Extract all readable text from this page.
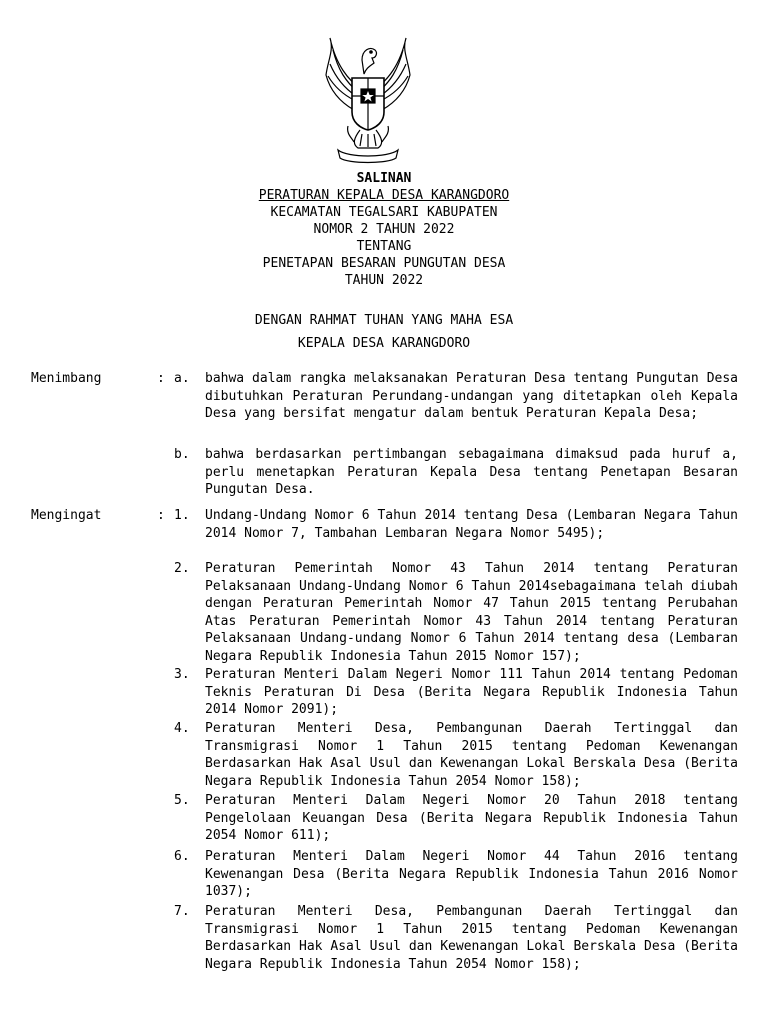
SALINAN
PERATURAN KEPALA DESA KARANGDORO
KECAMATAN TEGALSARI KABUPATEN
NOMOR 2 TAHUN 2022
TENTANG
PENETAPAN BESARAN PUNGUTAN DESA
TAHUN 2022
DENGAN RAHMAT TUHAN YANG MAHA ESA
KEPALA DESA KARANGDORO
Menimbang	: a. bahwa dalam rangka melaksanakan Peraturan Desa tentang Pungutan Desa dibutuhkan Peraturan Perundang-undangan yang ditetapkan oleh Kepala Desa yang bersifat mengatur dalam bentuk Peraturan Kepala Desa;
b. bahwa berdasarkan pertimbangan sebagaimana dimaksud pada huruf a, perlu menetapkan Peraturan Kepala Desa tentang Penetapan Besaran Pungutan Desa.
Mengingat	: 1. Undang-Undang Nomor 6 Tahun 2014 tentang Desa (Lembaran Negara Tahun 2014 Nomor 7, Tambahan Lembaran Negara Nomor 5495);
2. Peraturan Pemerintah Nomor 43 Tahun 2014 tentang Peraturan Pelaksanaan Undang-Undang Nomor 6 Tahun 2014sebagaimana telah diubah dengan Peraturan Pemerintah Nomor 47 Tahun 2015 tentang Perubahan Atas Peraturan Pemerintah Nomor 43 Tahun 2014 tentang Peraturan Pelaksanaan Undang-undang Nomor 6 Tahun 2014 tentang desa (Lembaran Negara Republik Indonesia Tahun 2015 Nomor 157);
3. Peraturan Menteri Dalam Negeri Nomor 111 Tahun 2014 tentang Pedoman Teknis Peraturan Di Desa (Berita Negara Republik Indonesia Tahun 2014 Nomor 2091);
4. Peraturan Menteri Desa, Pembangunan Daerah Tertinggal dan Transmigrasi Nomor 1 Tahun 2015 tentang Pedoman Kewenangan Berdasarkan Hak Asal Usul dan Kewenangan Lokal Berskala Desa (Berita Negara Republik Indonesia Tahun 2054 Nomor 158);
5. Peraturan Menteri Dalam Negeri Nomor 20 Tahun 2018 tentang Pengelolaan Keuangan Desa (Berita Negara Republik Indonesia Tahun 2054 Nomor 611);
6. Peraturan Menteri Dalam Negeri Nomor 44 Tahun 2016 tentang Kewenangan Desa (Berita Negara Republik Indonesia Tahun 2016 Nomor 1037);
7. Peraturan Menteri Desa, Pembangunan Daerah Tertinggal dan Transmigrasi Nomor 1 Tahun 2015 tentang Pedoman Kewenangan Berdasarkan Hak Asal Usul dan Kewenangan Lokal Berskala Desa (Berita Negara Republik Indonesia Tahun 2054 Nomor 158);
